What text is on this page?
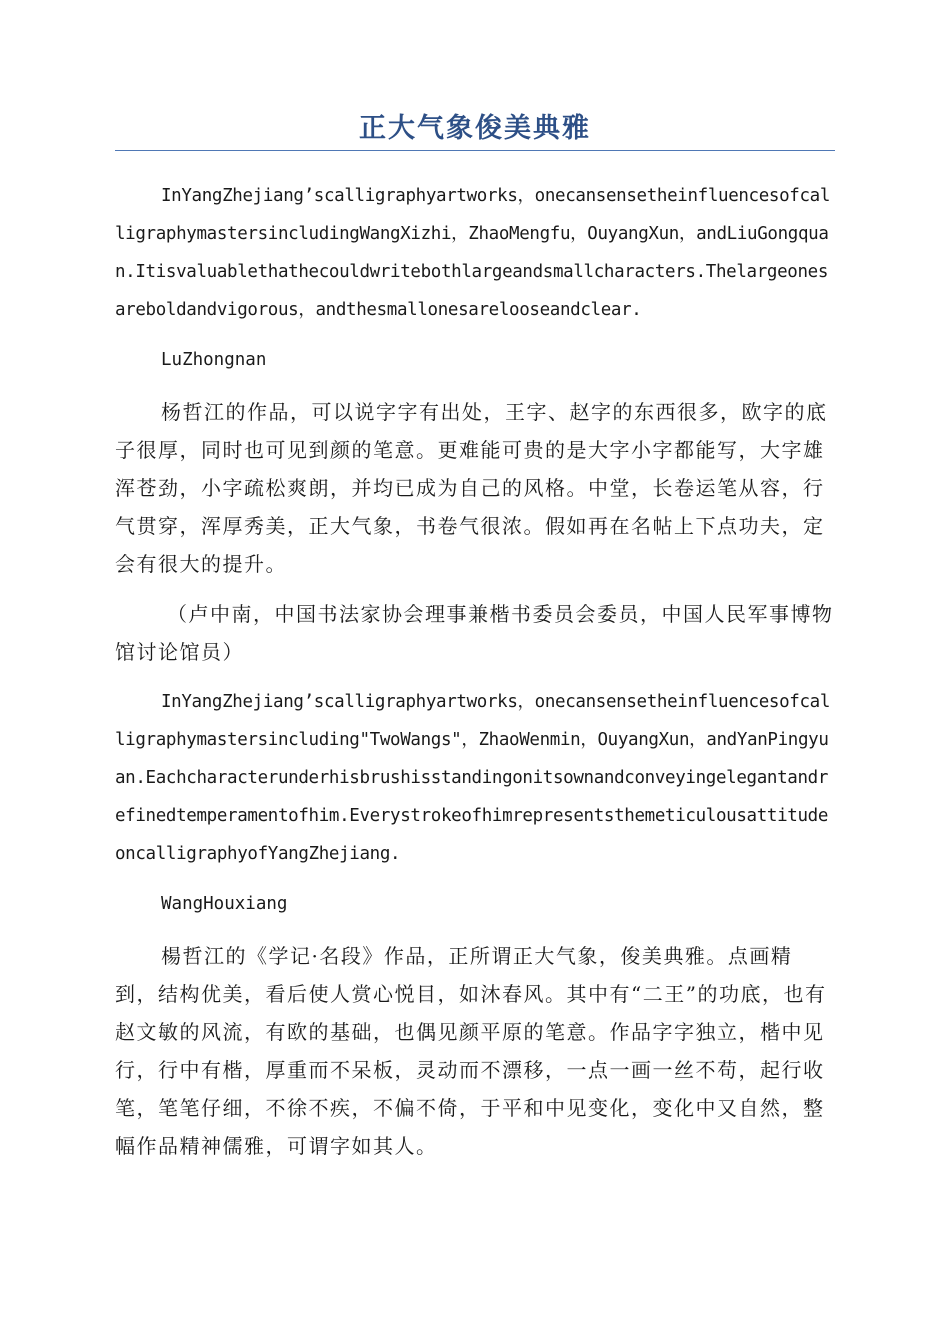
正大气象俊美典雅

InYangZhejiang’scalligraphyartworks，onecansensetheinfluencesofcalligraphymastersincludingWangXizhi，ZhaoMengfu，OuyangXun，andLiuGongquan.Itisvaluablethathecouldwritebothlargeandsmallcharacters.Thelargeonesareboldandvigorous，andthesmallonesarelooseandclear.

LuZhongnan

杨哲江的作品，可以说字字有出处，王字、赵字的东西很多，欧字的底子很厚，同时也可见到颜的笔意。更难能可贵的是大字小字都能写，大字雄浑苍劲，小字疏松爽朗，并均已成为自己的风格。中堂，长卷运笔从容，行气贯穿，浑厚秀美，正大气象，书卷气很浓。假如再在名帖上下点功夫，定会有很大的提升。

（卢中南，中国书法家协会理事兼楷书委员会委员，中国人民军事博物馆讨论馆员）

InYangZhejiang’scalligraphyartworks，onecansensetheinfluencesofcalligraphymastersincluding"TwoWangs"，ZhaoWenmin，OuyangXun，andYanPingyuan.Eachcharacterunderhisbrushisstandingonitsownandconveyingelegantandrefinedtemperamentofhim.EverystrokeofhimrepresentsthemeticulousattitudeoncalligraphyofYangZhejiang.

WangHouxiang

楊哲江的《学记·名段》作品，正所谓正大气象，俊美典雅。点画精到，结构优美，看后使人赏心悦目，如沐春风。其中有“二王”的功底，也有赵文敏的风流，有欧的基础，也偶见颜平原的笔意。作品字字独立，楷中见行，行中有楷，厚重而不呆板，灵动而不漂移，一点一画一丝不苟，起行收笔，笔笔仔细，不徐不疾，不偏不倚，于平和中见变化，变化中又自然，整幅作品精神儒雅，可谓字如其人。
